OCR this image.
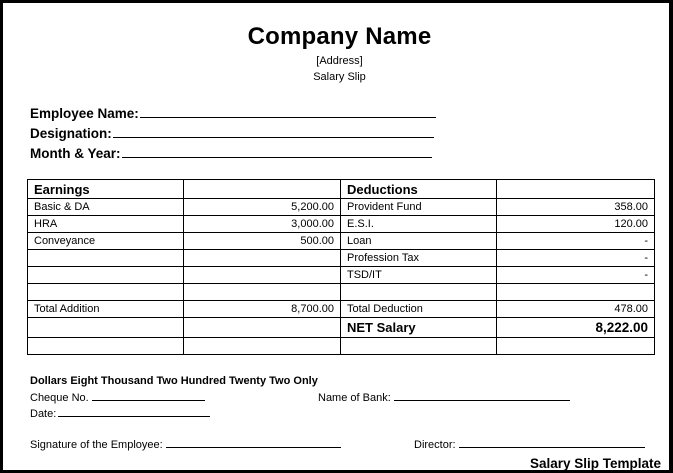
Company Name
[Address]
Salary Slip
Employee Name:
Designation:
Month & Year:
Earnings		Deductions	
Basic & DA	5,200.00	Provident Fund	358.00
HRA	3,000.00	E.S.I.	120.00
Conveyance	500.00	Loan	-
		Profession Tax	-
		TSD/IT	-

Total Addition	8,700.00	Total Deduction	478.00
		NET Salary	8,222.00

Dollars Eight Thousand Two Hundred Twenty Two Only
Cheque No.	Name of Bank:
Date:
Signature of the Employee:	Director:
Salary Slip Template
